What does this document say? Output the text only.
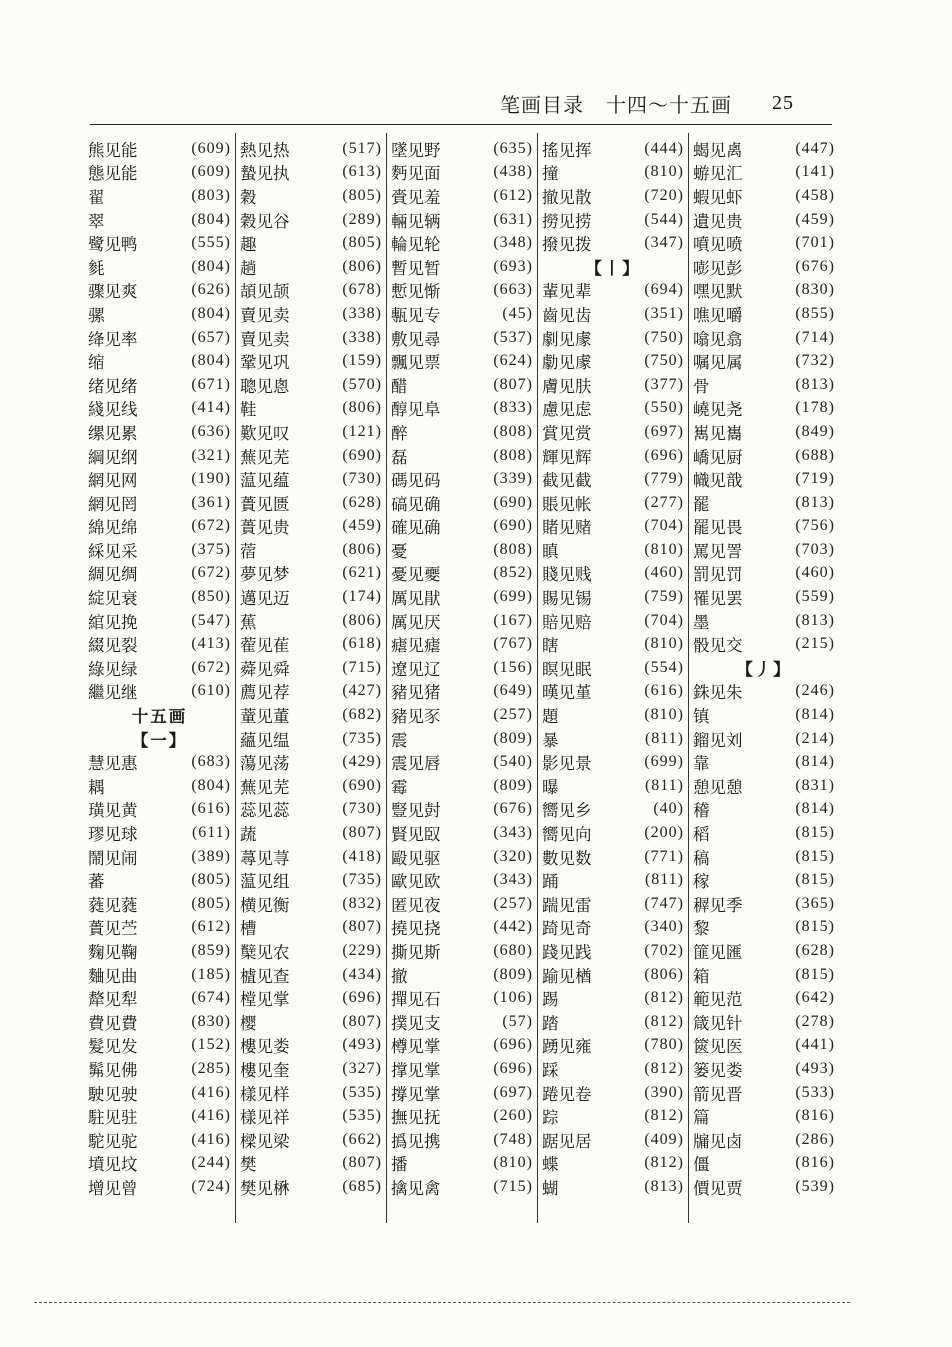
笔画目录 十四～十五画 25
熊见能	(609)
態见能	(609)
翟	(803)
翠	(804)
鹭见鸭	(555)
毵	(804)
骤见爽	(626)
骡	(804)
绛见率	(657)
缩	(804)
绪见绪	(671)
綫见线	(414)
缧见累	(636)
綱见纲	(321)
網见网	(190)
網见罔	(361)
綿见绵	(672)
綵见采	(375)
綢见绸	(672)
綻见衰	(850)
綰见挽	(547)
綴见裂	(413)
綠见绿	(672)
繼见继	(610)
十五画
【一】
慧见惠	(683)
耦	(804)
璜见黄	(616)
璆见球	(611)
鬧见闹	(389)
蕃	(805)
蕤见蕤	(805)
蕢见苎	(612)
麴见鞠	(859)
麯见曲	(185)
犛见犁	(674)
費见費	(830)
髮见发	(152)
髴见佛	(285)
駛见驶	(416)
駐见驻	(416)
駝见驼	(416)
墳见坟	(244)
增见曾	(724)
熱见热	(517)
蟄见执	(613)
穀	(805)
穀见谷	(289)
趣	(805)
趟	(806)
頡见颉	(678)
賣见卖	(338)
賣见卖	(338)
鞏见巩	(159)
聰见悤	(570)
鞋	(806)
歎见叹	(121)
蕪见芜	(690)
蕰见蕴	(730)
蕢见匮	(628)
蕢见贵	(459)
蓿	(806)
夢见梦	(621)
邁见迈	(174)
蕉	(806)
蒮见萑	(618)
蕣见舜	(715)
薦见荐	(427)
蕫见董	(682)
蘊见缊	(735)
蕩见荡	(429)
蕪见芜	(690)
蕊见蕊	(730)
蔬	(807)
蕁见荨	(418)
蕰见组	(735)
横见衡	(832)
槽	(807)
櫱见农	(229)
樝见查	(434)
樘见掌	(696)
樱	(807)
樓见娄	(493)
樓见奎	(327)
樣见样	(535)
樣见祥	(535)
樑见梁	(662)
樊	(807)
樊见楙	(685)
墜见野	(635)
麪见面	(438)
賫见羞	(612)
輛见辆	(631)
輪见轮	(348)
暫见暂	(693)
慙见惭	(663)
甎见专	(45)
敷见尋	(537)
飄见票	(624)
醋	(807)
醇见阜	(833)
醉	(808)
磊	(808)
碼见码	(339)
碻见确	(690)
確见确	(690)
憂	(808)
憂见夒	(852)
厲见猒	(699)
厲见厌	(167)
瘧见瘧	(767)
遼见辽	(156)
豬见猪	(649)
豬见豕	(257)
震	(809)
震见唇	(540)
霉	(809)
豎见尌	(676)
賢见臤	(343)
毆见驱	(320)
歐见欧	(343)
匿见夜	(257)
撓见挠	(442)
撕见斯	(680)
撤	(809)
撣见石	(106)
撲见支	(57)
樽见掌	(696)
撑见掌	(696)
撐见掌	(697)
撫见抚	(260)
撝见携	(748)
播	(810)
擒见禽	(715)
搖见挥	(444)
撞	(810)
撤见散	(720)
撈见捞	(544)
撥见拨	(347)
【丨】
輩见辈	(694)
齒见齿	(351)
劇见豦	(750)
勮见豦	(750)
膚见肤	(377)
慮见虑	(550)
賞见赏	(697)
輝见辉	(696)
截见截	(779)
賬见帐	(277)
賭见赌	(704)
瞋	(810)
賤见贱	(460)
賜见锡	(759)
賠见赔	(704)
瞎	(810)
瞑见眠	(554)
暵见堇	(616)
題	(810)
暴	(811)
影见景	(699)
曝	(811)
嚮见乡	(40)
嚮见向	(200)
數见数	(771)
踊	(811)
踹见雷	(747)
踦见奇	(340)
踐见践	(702)
踰见楢	(806)
踢	(812)
踏	(812)
踴见雍	(780)
踩	(812)
踡见卷	(390)
踪	(812)
踞见居	(409)
蝶	(812)
蝴	(813)
蝎见禼	(447)
蝣见汇	(141)
蝦见虾	(458)
遺见贵	(459)
噴见喷	(701)
嘭见彭	(676)
嘿见默	(830)
噍见嚼	(855)
噏见翕	(714)
嘱见属	(732)
骨	(813)
嶢见尧	(178)
嶲见巂	(849)
嶠见厨	(688)
幟见戠	(719)
罷	(813)
罷见畏	(756)
罵见詈	(703)
罰见罚	(460)
罹见罢	(559)
墨	(813)
骰见交	(215)
【丿】
銖见朱	(246)
镇	(814)
鎦见刘	(214)
靠	(814)
憩见憩	(831)
稽	(814)
稻	(815)
稿	(815)
稼	(815)
稺见季	(365)
黎	(815)
篚见匯	(628)
箱	(815)
範见范	(642)
箴见针	(278)
篋见医	(441)
篓见娄	(493)
箭见晋	(533)
篇	(816)
牖见卤	(286)
僵	(816)
價见贾	(539)
